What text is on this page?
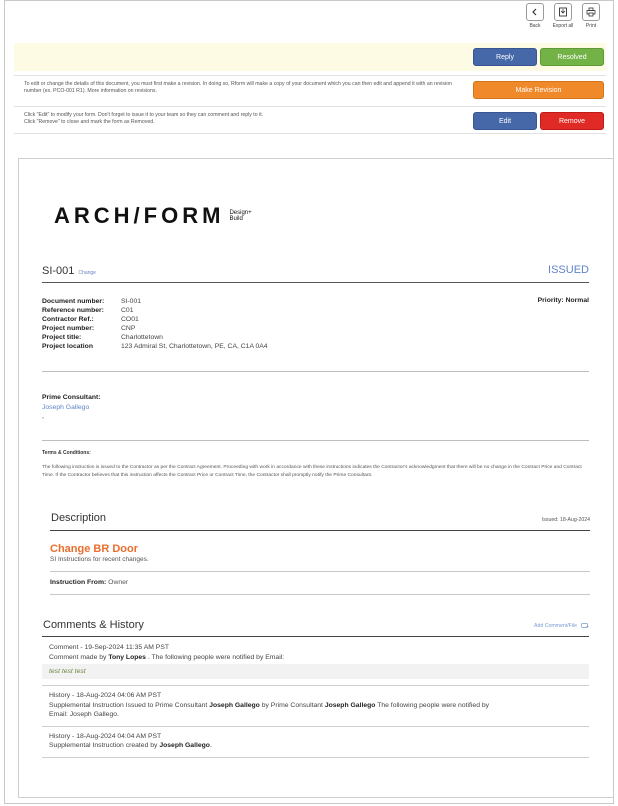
Back Export all Print
Reply	Resolved
To edit or change the details of this document, you must first make a revision. In doing so, Rform will make a copy of your document which you can then edit and append it with an revision number (ex. PCO-001 R1). More information on revisions.	Make Revision
Click "Edit" to modify your form. Don't forget to issue it to your team so they can comment and reply to it.
Click "Remove" to close and mark the form as Removed.	Edit	Remove
ARCH/FORM Design+
Build
SI-001 Change	ISSUED
Document number:	SI-001
Reference number:	C01
Contractor Ref.:	CO01
Project number:	CNP
Project title:	Charlottetown
Project location	123 Admiral St, Charlottetown, PE, CA, C1A 0A4
Priority: Normal
Prime Consultant:
Joseph Gallego
,
Terms & Conditions:
The following instruction is issued to the Contractor as per the Contract Agreement. Proceeding with work in accordance with these instructions indicates the Contractor's acknowledgment that there will be no change in the Contract Price and Contract Time. If the Contractor believes that this instruction affects the Contract Price or Contract Time, the Contractor shall promptly notify the Prime Consultant.
Description	Issued: 18-Aug-2024
Change BR Door
SI Instructions for recent changes.
Instruction From: Owner
Comments & History	Add Comment/File
Comment - 19-Sep-2024 11:35 AM PST
Comment made by Tony Lopes . The following people were notified by Email:
test test test
History - 18-Aug-2024 04:06 AM PST
Supplemental Instruction Issued to Prime Consultant Joseph Gallego by Prime Consultant Joseph Gallego The following people were notified by
Email: Joseph Gallego.
History - 18-Aug-2024 04:04 AM PST
Supplemental Instruction created by Joseph Gallego.
